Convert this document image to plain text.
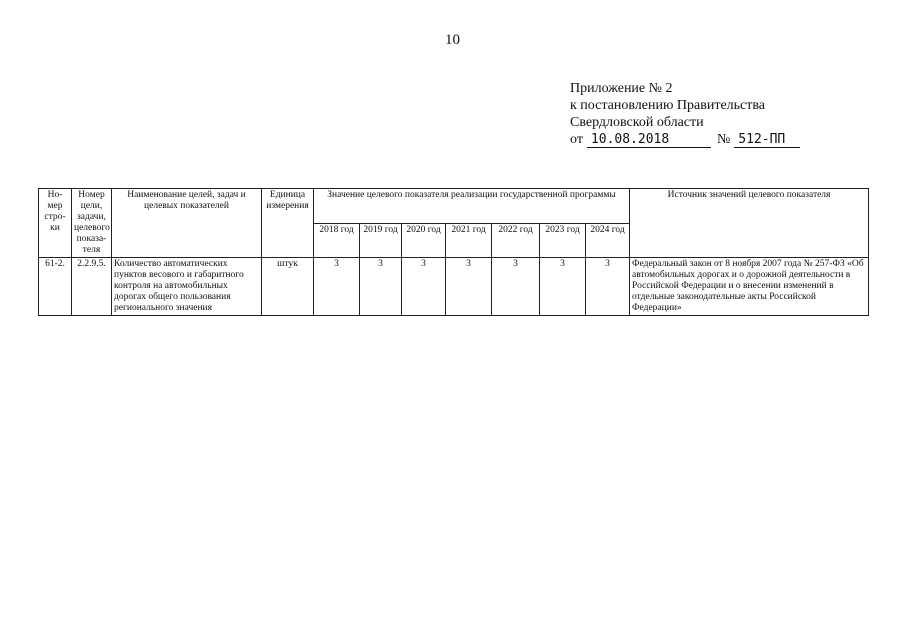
10
Приложение № 2
к постановлению Правительства
Свердловской области
от 10.08.2018	№ 512-ПП
Но-мер стро-ки	Номер цели, задачи, целевого показа-теля	Наименование целей, задач и целевых показателей	Единица измерения	Значение целевого показателя реализации государственной программы							Источник значений целевого показателя
				2018 год	2019 год	2020 год	2021 год	2022 год	2023 год	2024 год	
61-2.	2.2.9.5.	Количество автоматических пунктов весового и габаритного контроля на автомобильных дорогах общего пользования регионального значения	штук	3	3	3	3	3	3	3	Федеральный закон от 8 ноября 2007 года № 257-ФЗ «Об автомобильных дорогах и о дорожной деятельности в Российской Федерации и о внесении изменений в отдельные законодательные акты Российской Федерации»
